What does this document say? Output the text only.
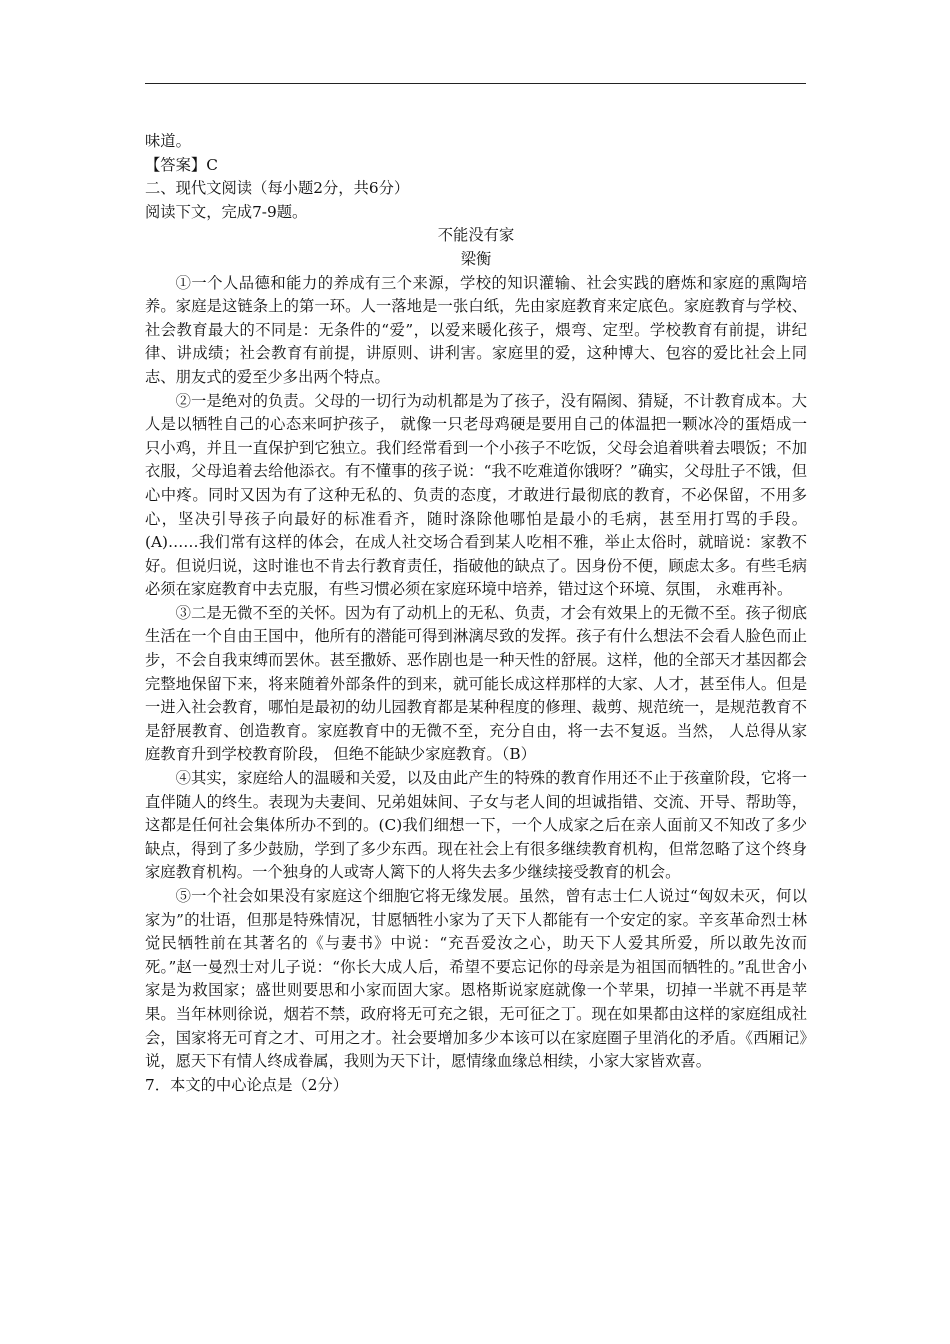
味道。

【答案】C

二、现代文阅读（每小题2分，共6分）

阅读下文，完成7-9题。

不能没有家

梁衡

①一个人品德和能力的养成有三个来源，学校的知识灌输、社会实践的磨炼和家庭的熏陶培养。家庭是这链条上的第一环。人一落地是一张白纸，先由家庭教育来定底色。家庭教育与学校、社会教育最大的不同是：无条件的“爱”，以爱来暖化孩子，煨弯、定型。学校教育有前提，讲纪律、讲成绩；社会教育有前提，讲原则、讲利害。家庭里的爱，这种博大、包容的爱比社会上同志、朋友式的爱至少多出两个特点。

②一是绝对的负责。父母的一切行为动机都是为了孩子，没有隔阂、猜疑，不计教育成本。大人是以牺牲自己的心态来呵护孩子， 就像一只老母鸡硬是要用自己的体温把一颗冰冷的蛋焐成一只小鸡，并且一直保护到它独立。我们经常看到一个小孩子不吃饭，父母会追着哄着去喂饭；不加衣服，父母追着去给他添衣。有不懂事的孩子说：“我不吃难道你饿呀？”确实，父母肚子不饿，但心中疼。同时又因为有了这种无私的、负责的态度，才敢进行最彻底的教育，不必保留，不用多心，坚决引导孩子向最好的标准看齐，随时涤除他哪怕是最小的毛病，甚至用打骂的手段。(A)……我们常有这样的体会，在成人社交场合看到某人吃相不雅，举止太俗时，就暗说：家教不好。但说归说，这时谁也不肯去行教育责任，指破他的缺点了。因身份不便，顾虑太多。有些毛病必须在家庭教育中去克服，有些习惯必须在家庭环境中培养，错过这个环境、氛围， 永难再补。

③二是无微不至的关怀。因为有了动机上的无私、负责，才会有效果上的无微不至。孩子彻底生活在一个自由王国中，他所有的潜能可得到淋漓尽致的发挥。孩子有什么想法不会看人脸色而止步，不会自我束缚而罢休。甚至撒娇、恶作剧也是一种天性的舒展。这样，他的全部天才基因都会完整地保留下来，将来随着外部条件的到来，就可能长成这样那样的大家、人才，甚至伟人。但是一进入社会教育，哪怕是最初的幼儿园教育都是某种程度的修理、裁剪、规范统一，是规范教育不是舒展教育、创造教育。家庭教育中的无微不至，充分自由，将一去不复返。当然， 人总得从家庭教育升到学校教育阶段， 但绝不能缺少家庭教育。（B）

④其实，家庭给人的温暖和关爱，以及由此产生的特殊的教育作用还不止于孩童阶段，它将一直伴随人的终生。表现为夫妻间、兄弟姐妹间、子女与老人间的坦诚指错、交流、开导、帮助等，这都是任何社会集体所办不到的。(C)我们细想一下，一个人成家之后在亲人面前又不知改了多少缺点，得到了多少鼓励，学到了多少东西。现在社会上有很多继续教育机构，但常忽略了这个终身家庭教育机构。一个独身的人或寄人篱下的人将失去多少继续接受教育的机会。

⑤一个社会如果没有家庭这个细胞它将无缘发展。虽然，曾有志士仁人说过“匈奴未灭，何以家为”的壮语，但那是特殊情况，甘愿牺牲小家为了天下人都能有一个安定的家。辛亥革命烈士林觉民牺牲前在其著名的《与妻书》中说：“充吾爱汝之心，助天下人爱其所爱，所以敢先汝而死。”赵一曼烈士对儿子说：“你长大成人后，希望不要忘记你的母亲是为祖国而牺牲的。”乱世舍小家是为救国家；盛世则要思和小家而固大家。恩格斯说家庭就像一个苹果，切掉一半就不再是苹果。当年林则徐说，烟若不禁，政府将无可充之银，无可征之丁。现在如果都由这样的家庭组成社会，国家将无可育之才、可用之才。社会要增加多少本该可以在家庭圈子里消化的矛盾。《西厢记》说，愿天下有情人终成眷属，我则为天下计，愿情缘血缘总相续，小家大家皆欢喜。

7．本文的中心论点是（2分）
